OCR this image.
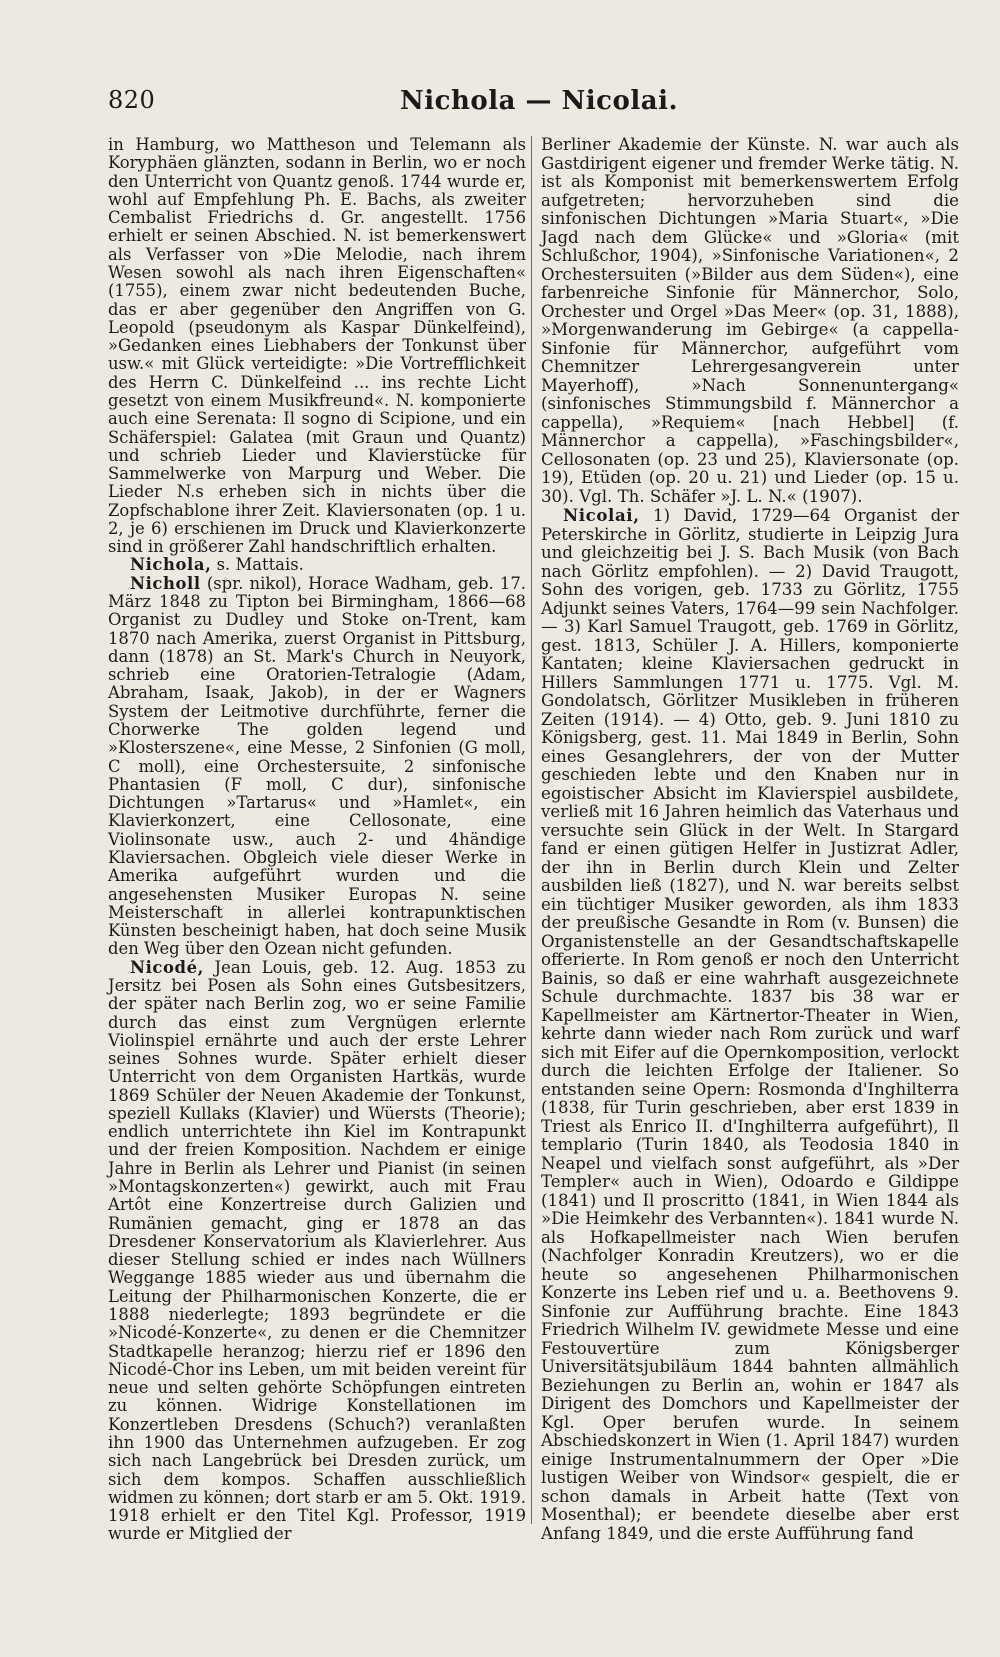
820	Nichola — Nicolai.

in Hamburg, wo Mattheson und Telemann als Koryphäen glänzten, sodann in Berlin, wo er noch den Unterricht von Quantz genoß. 1744 wurde er, wohl auf Empfehlung Ph. E. Bachs, als zweiter Cembalist Friedrichs d. Gr. angestellt. 1756 erhielt er seinen Abschied. N. ist bemerkenswert als Verfasser von »Die Melodie, nach ihrem Wesen sowohl als nach ihren Eigenschaften« (1755), einem zwar nicht bedeutenden Buche, das er aber gegenüber den Angriffen von G. Leopold (pseudonym als Kaspar Dünkelfeind), »Gedanken eines Liebhabers der Tonkunst über usw.« mit Glück verteidigte: »Die Vortrefflichkeit des Herrn C. Dünkelfeind ... ins rechte Licht gesetzt von einem Musikfreund«. N. komponierte auch eine Serenata: Il sogno di Scipione, und ein Schäferspiel: Galatea (mit Graun und Quantz) und schrieb Lieder und Klavierstücke für Sammelwerke von Marpurg und Weber. Die Lieder N.s erheben sich in nichts über die Zopfschablone ihrer Zeit. Klaviersonaten (op. 1 u. 2, je 6) erschienen im Druck und Klavierkonzerte sind in größerer Zahl handschriftlich erhalten.

Nichola, s. Mattais.

Nicholl (spr. nikol), Horace Wadham, geb. 17. März 1848 zu Tipton bei Birmingham, 1866—68 Organist zu Dudley und Stoke on-Trent, kam 1870 nach Amerika, zuerst Organist in Pittsburg, dann (1878) an St. Mark's Church in Neuyork, schrieb eine Oratorien-Tetralogie (Adam, Abraham, Isaak, Jakob), in der er Wagners System der Leitmotive durchführte, ferner die Chorwerke The golden legend und »Klosterszene«, eine Messe, 2 Sinfonien (G moll, C moll), eine Orchestersuite, 2 sinfonische Phantasien (F moll, C dur), sinfonische Dichtungen »Tartarus« und »Hamlet«, ein Klavierkonzert, eine Cellosonate, eine Violinsonate usw., auch 2- und 4händige Klaviersachen. Obgleich viele dieser Werke in Amerika aufgeführt wurden und die angesehensten Musiker Europas N. seine Meisterschaft in allerlei kontrapunktischen Künsten bescheinigt haben, hat doch seine Musik den Weg über den Ozean nicht gefunden.

Nicodé, Jean Louis, geb. 12. Aug. 1853 zu Jersitz bei Posen als Sohn eines Gutsbesitzers, der später nach Berlin zog, wo er seine Familie durch das einst zum Vergnügen erlernte Violinspiel ernährte und auch der erste Lehrer seines Sohnes wurde. Später erhielt dieser Unterricht von dem Organisten Hartkäs, wurde 1869 Schüler der Neuen Akademie der Tonkunst, speziell Kullaks (Klavier) und Wüersts (Theorie); endlich unterrichtete ihn Kiel im Kontrapunkt und der freien Komposition. Nachdem er einige Jahre in Berlin als Lehrer und Pianist (in seinen »Montagskonzerten«) gewirkt, auch mit Frau Artôt eine Konzertreise durch Galizien und Rumänien gemacht, ging er 1878 an das Dresdener Konservatorium als Klavierlehrer. Aus dieser Stellung schied er indes nach Wüllners Weggange 1885 wieder aus und übernahm die Leitung der Philharmonischen Konzerte, die er 1888 niederlegte; 1893 begründete er die »Nicodé-Konzerte«, zu denen er die Chemnitzer Stadtkapelle heranzog; hierzu rief er 1896 den Nicodé-Chor ins Leben, um mit beiden vereint für neue und selten gehörte Schöpfungen eintreten zu können. Widrige Konstellationen im Konzertleben Dresdens (Schuch?) veranlaßten ihn 1900 das Unternehmen aufzugeben. Er zog sich nach Langebrück bei Dresden zurück, um sich dem kompos. Schaffen ausschließlich widmen zu können; dort starb er am 5. Okt. 1919. 1918 erhielt er den Titel Kgl. Professor, 1919 wurde er Mitglied der

Berliner Akademie der Künste. N. war auch als Gastdirigent eigener und fremder Werke tätig. N. ist als Komponist mit bemerkenswertem Erfolg aufgetreten; hervorzuheben sind die sinfonischen Dichtungen »Maria Stuart«, »Die Jagd nach dem Glücke« und »Gloria« (mit Schlußchor, 1904), »Sinfonische Variationen«, 2 Orchestersuiten (»Bilder aus dem Süden«), eine farbenreiche Sinfonie für Männerchor, Solo, Orchester und Orgel »Das Meer« (op. 31, 1888), »Morgenwanderung im Gebirge« (a cappella-Sinfonie für Männerchor, aufgeführt vom Chemnitzer Lehrergesangverein unter Mayerhoff), »Nach Sonnenuntergang« (sinfonisches Stimmungsbild f. Männerchor a cappella), »Requiem« [nach Hebbel] (f. Männerchor a cappella), »Faschingsbilder«, Cellosonaten (op. 23 und 25), Klaviersonate (op. 19), Etüden (op. 20 u. 21) und Lieder (op. 15 u. 30). Vgl. Th. Schäfer »J. L. N.« (1907).

Nicolai, 1) David, 1729—64 Organist der Peterskirche in Görlitz, studierte in Leipzig Jura und gleichzeitig bei J. S. Bach Musik (von Bach nach Görlitz empfohlen). — 2) David Traugott, Sohn des vorigen, geb. 1733 zu Görlitz, 1755 Adjunkt seines Vaters, 1764—99 sein Nachfolger. — 3) Karl Samuel Traugott, geb. 1769 in Görlitz, gest. 1813, Schüler J. A. Hillers, komponierte Kantaten; kleine Klaviersachen gedruckt in Hillers Sammlungen 1771 u. 1775. Vgl. M. Gondolatsch, Görlitzer Musikleben in früheren Zeiten (1914). — 4) Otto, geb. 9. Juni 1810 zu Königsberg, gest. 11. Mai 1849 in Berlin, Sohn eines Gesanglehrers, der von der Mutter geschieden lebte und den Knaben nur in egoistischer Absicht im Klavierspiel ausbildete, verließ mit 16 Jahren heimlich das Vaterhaus und versuchte sein Glück in der Welt. In Stargard fand er einen gütigen Helfer in Justizrat Adler, der ihn in Berlin durch Klein und Zelter ausbilden ließ (1827), und N. war bereits selbst ein tüchtiger Musiker geworden, als ihm 1833 der preußische Gesandte in Rom (v. Bunsen) die Organistenstelle an der Gesandtschaftskapelle offerierte. In Rom genoß er noch den Unterricht Bainis, so daß er eine wahrhaft ausgezeichnete Schule durchmachte. 1837 bis 38 war er Kapellmeister am Kärtnertor-Theater in Wien, kehrte dann wieder nach Rom zurück und warf sich mit Eifer auf die Opernkomposition, verlockt durch die leichten Erfolge der Italiener. So entstanden seine Opern: Rosmonda d'Inghilterra (1838, für Turin geschrieben, aber erst 1839 in Triest als Enrico II. d'Inghilterra aufgeführt), Il templario (Turin 1840, als Teodosia 1840 in Neapel und vielfach sonst aufgeführt, als »Der Templer« auch in Wien), Odoardo e Gildippe (1841) und Il proscritto (1841, in Wien 1844 als »Die Heimkehr des Verbannten«). 1841 wurde N. als Hofkapellmeister nach Wien berufen (Nachfolger Konradin Kreutzers), wo er die heute so angesehenen Philharmonischen Konzerte ins Leben rief und u. a. Beethovens 9. Sinfonie zur Aufführung brachte. Eine 1843 Friedrich Wilhelm IV. gewidmete Messe und eine Festouvertüre zum Königsberger Universitätsjubiläum 1844 bahnten allmählich Beziehungen zu Berlin an, wohin er 1847 als Dirigent des Domchors und Kapellmeister der Kgl. Oper berufen wurde. In seinem Abschiedskonzert in Wien (1. April 1847) wurden einige Instrumentalnummern der Oper »Die lustigen Weiber von Windsor« gespielt, die er schon damals in Arbeit hatte (Text von Mosenthal); er beendete dieselbe aber erst Anfang 1849, und die erste Aufführung fand
